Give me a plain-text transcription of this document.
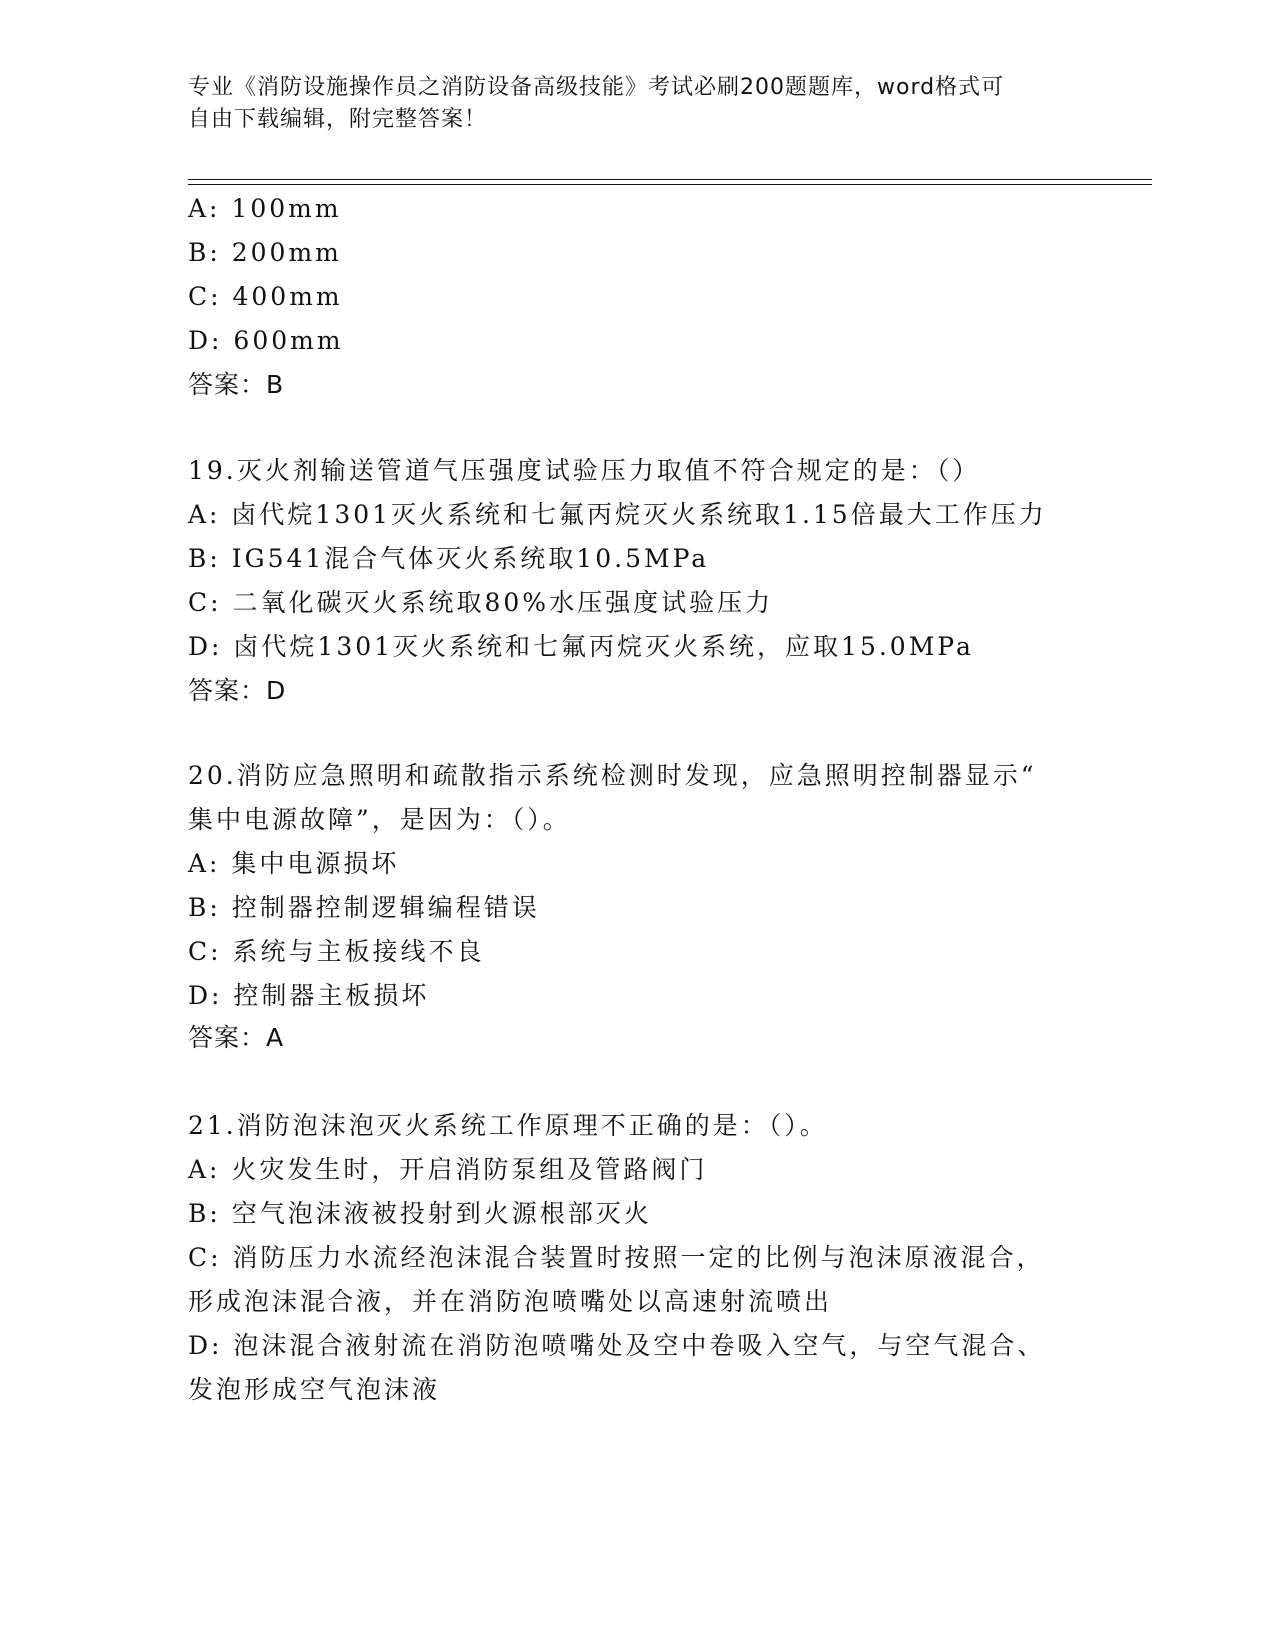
专业《消防设施操作员之消防设备高级技能》考试必刷200题题库，word格式可
自由下载编辑，附完整答案！
A: 100mm
B: 200mm
C: 400mm
D: 600mm
答案：B
19.灭火剂输送管道气压强度试验压力取值不符合规定的是：（）
A: 卤代烷1301灭火系统和七氟丙烷灭火系统取1.15倍最大工作压力
B: IG541混合气体灭火系统取10.5MPa
C: 二氧化碳灭火系统取80%水压强度试验压力
D: 卤代烷1301灭火系统和七氟丙烷灭火系统，应取15.0MPa
答案：D
20.消防应急照明和疏散指示系统检测时发现，应急照明控制器显示“
集中电源故障”，是因为：（）。
A: 集中电源损坏
B: 控制器控制逻辑编程错误
C: 系统与主板接线不良
D: 控制器主板损坏
答案：A
21.消防泡沫泡灭火系统工作原理不正确的是：（）。
A: 火灾发生时，开启消防泵组及管路阀门
B: 空气泡沫液被投射到火源根部灭火
C: 消防压力水流经泡沫混合装置时按照一定的比例与泡沫原液混合，
形成泡沫混合液，并在消防泡喷嘴处以高速射流喷出
D: 泡沫混合液射流在消防泡喷嘴处及空中卷吸入空气，与空气混合、
发泡形成空气泡沫液
